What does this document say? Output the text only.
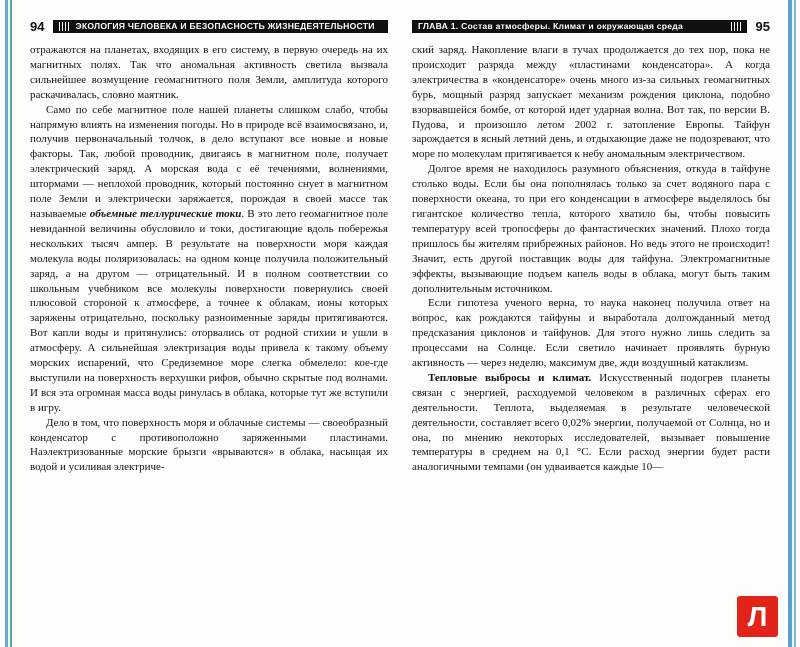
94	ЭКОЛОГИЯ ЧЕЛОВЕКА И БЕЗОПАСНОСТЬ ЖИЗНЕДЕЯТЕЛЬНОСТИ

отражаются на планетах, входящих в его систему, в первую очередь на их магнитных полях. Так что аномальная активность светила вызвала сильнейшее возмущение геомагнитного поля Земли, амплитуда которого раскачивалась, словно маятник.

Само по себе магнитное поле нашей планеты слишком слабо, чтобы напрямую влиять на изменения погоды. Но в природе всё взаимосвязано, и, получив первоначальный толчок, в дело вступают все новые и новые факторы. Так, любой проводник, двигаясь в магнитном поле, получает электрический заряд. А морская вода с её течениями, волнениями, штормами — неплохой проводник, который постоянно снует в магнитном поле Земли и электрически заряжается, порождая в своей массе так называемые объемные теллурические токи. В это лето геомагнитное поле невиданной величины обусловило и токи, достигающие вдоль побережья нескольких тысяч ампер. В результате на поверхности моря каждая молекула воды поляризовалась: на одном конце получила положительный заряд, а на другом — отрицательный. И в полном соответствии со школьным учебником все молекулы поверхности повернулись своей плюсовой стороной к атмосфере, а точнее к облакам, ионы которых заряжены отрицательно, поскольку разноименные заряды притягиваются. Вот капли воды и притянулись: оторвались от родной стихии и ушли в атмосферу. А сильнейшая электризация воды привела к такому объему морских испарений, что Средиземное море слегка обмелело: кое-где выступили на поверхность верхушки рифов, обычно скрытые под волнами. И вся эта огромная масса воды ринулась в облака, которые тут же вступили в игру.

Дело в том, что поверхность моря и облачные системы — своеобразный конденсатор с противоположно заряженными пластинами. Наэлектризованные морские брызги «врываются» в облака, насыщая их водой и усиливая электриче-

ГЛАВА 1. Состав атмосферы. Климат и окружающая среда	95

ский заряд. Накопление влаги в тучах продолжается до тех пор, пока не происходит разряда между «пластинами конденсатора». А когда электричества в «конденсаторе» очень много из-за сильных геомагнитных бурь, мощный разряд запускает механизм рождения циклона, подобно взорвавшейся бомбе, от которой идет ударная волна. Вот так, по версии В. Пудова, и произошло летом 2002 г. затопление Европы. Тайфун зарождается в ясный летний день, и отдыхающие даже не подозревают, что море по молекулам притягивается к небу аномальным электричеством.

Долгое время не находилось разумного объяснения, откуда в тайфуне столько воды. Если бы она пополнялась только за счет водяного пара с поверхности океана, то при его конденсации в атмосфере выделялось бы гигантское количество тепла, которого хватило бы, чтобы повысить температуру всей тропосферы до фантастических значений. Плохо тогда пришлось бы жителям прибрежных районов. Но ведь этого не происходит! Значит, есть другой поставщик воды для тайфуна. Электромагнитные эффекты, вызывающие подъем капель воды в облака, могут быть таким дополнительным источником.

Если гипотеза ученого верна, то наука наконец получила ответ на вопрос, как рождаются тайфуны и выработала долгожданный метод предсказания циклонов и тайфунов. Для этого нужно лишь следить за процессами на Солнце. Если светило начинает проявлять бурную активность — через неделю, максимум две, жди воздушный катаклизм.

Тепловые выбросы и климат. Искусственный подогрев планеты связан с энергией, расходуемой человеком в различных сферах его деятельности. Теплота, выделяемая в результате человеческой деятельности, составляет всего 0,02% энергии, получаемой от Солнца, но и она, по мнению некоторых исследователей, вызывает повышение температуры в среднем на 0,1 °С. Если расход энергии будет расти аналогичными темпами (он удваивается каждые 10—

Л
